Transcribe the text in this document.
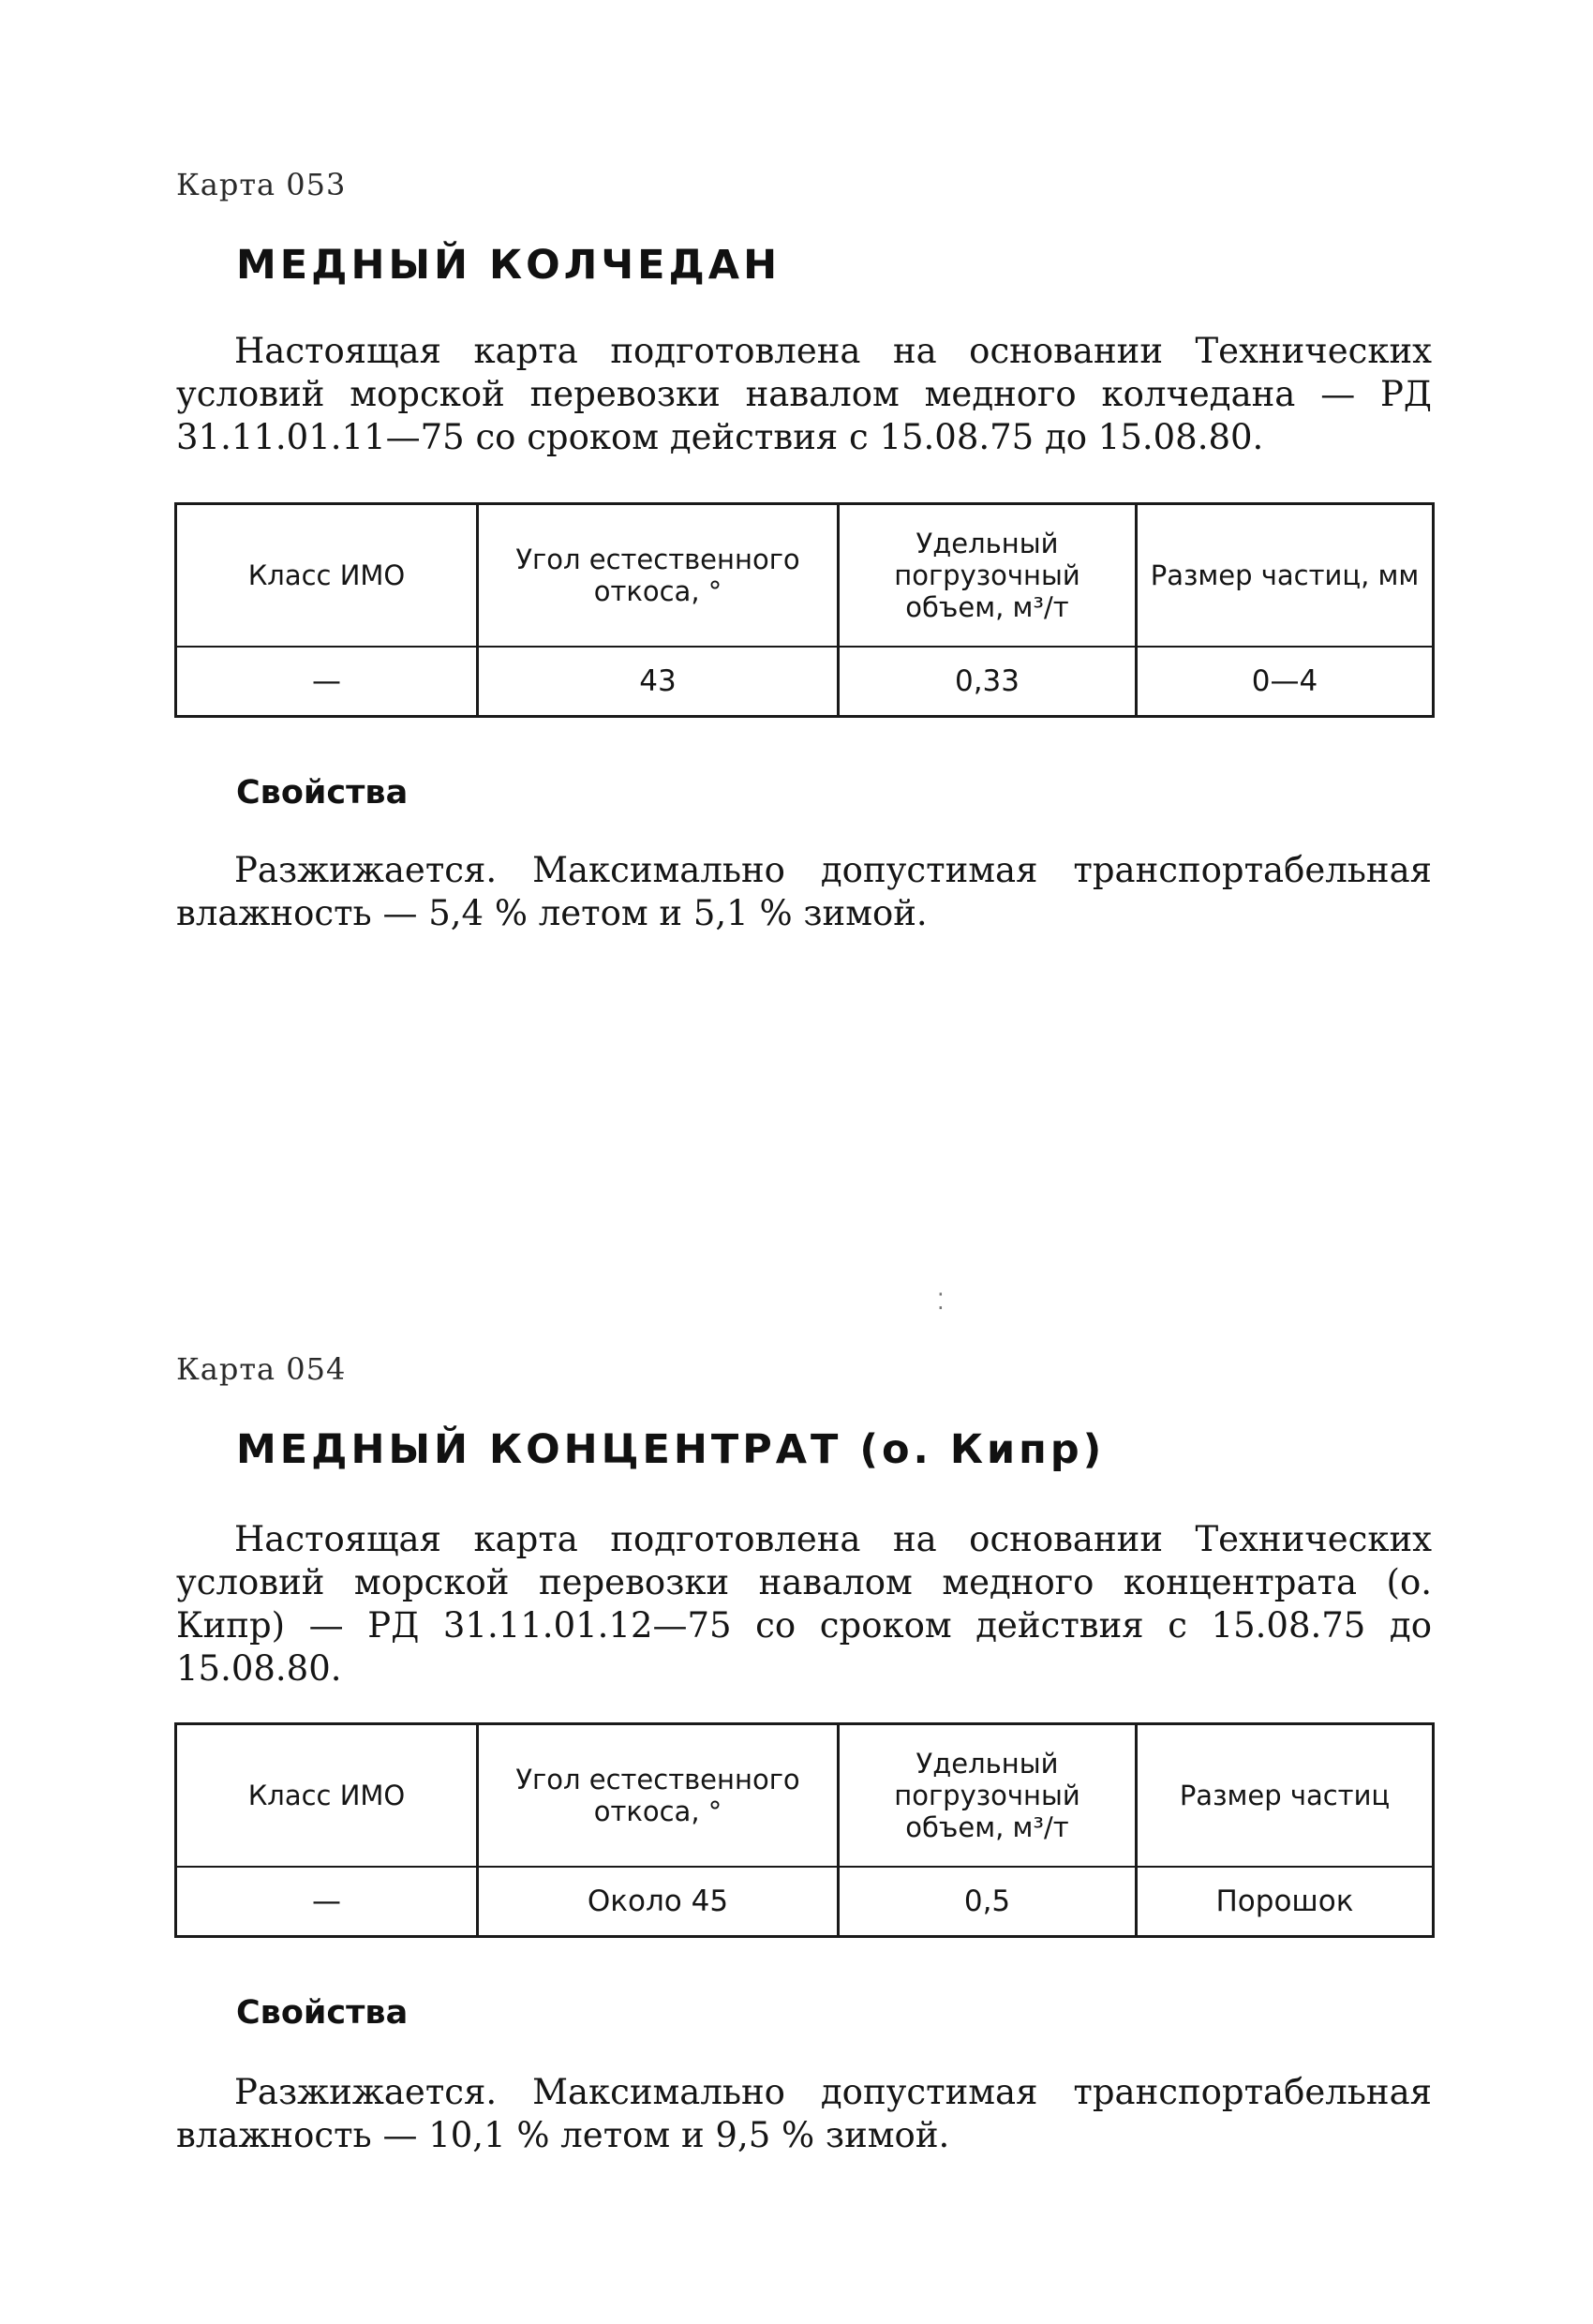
Карта 053
МЕДНЫЙ КОЛЧЕДАН
Настоящая карта подготовлена на основании Технических условий морской перевозки навалом медного колчедана — РД 31.11.01.11—75 со сроком действия с 15.08.75 до 15.08.80.
Класс ИМО	Угол естественного откоса, °	Удельный погрузочный объем, м³/т	Размер частиц, мм
—	43	0,33	0—4
Свойства
Разжижается. Максимально допустимая транспортабельная влажность — 5,4 % летом и 5,1 % зимой.
⁚
Карта 054
МЕДНЫЙ КОНЦЕНТРАТ (о. Кипр)
Настоящая карта подготовлена на основании Технических условий морской перевозки навалом медного концентрата (о. Кипр) — РД 31.11.01.12—75 со сроком действия с 15.08.75 до 15.08.80.
Класс ИМО	Угол естественного откоса, °	Удельный погрузочный объем, м³/т	Размер частиц
—	Около 45	0,5	Порошок
Свойства
Разжижается. Максимально допустимая транспортабельная влажность — 10,1 % летом и 9,5 % зимой.
